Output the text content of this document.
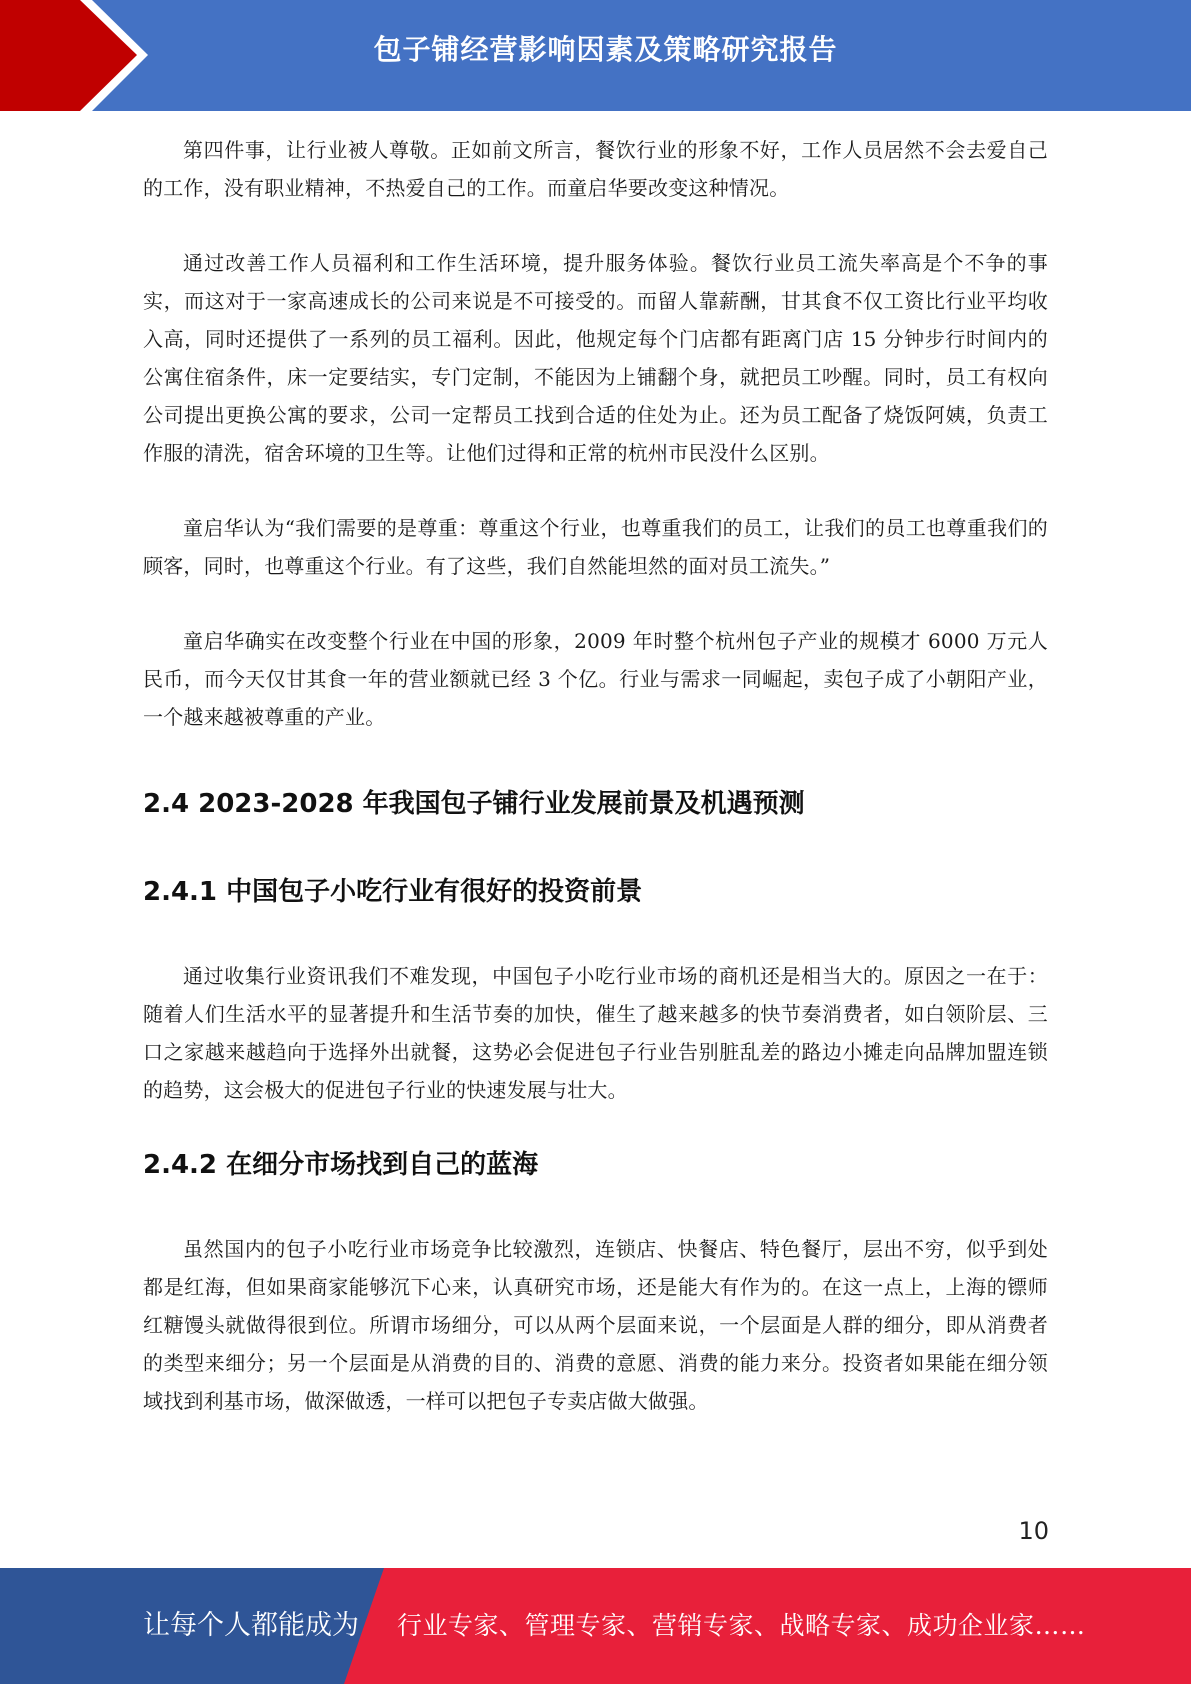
包子铺经营影响因素及策略研究报告

第四件事，让行业被人尊敬。正如前文所言，餐饮行业的形象不好，工作人员居然不会去爱自己的工作，没有职业精神，不热爱自己的工作。而童启华要改变这种情况。

通过改善工作人员福利和工作生活环境，提升服务体验。餐饮行业员工流失率高是个不争的事实，而这对于一家高速成长的公司来说是不可接受的。而留人靠薪酬，甘其食不仅工资比行业平均收入高，同时还提供了一系列的员工福利。因此，他规定每个门店都有距离门店 15 分钟步行时间内的公寓住宿条件，床一定要结实，专门定制，不能因为上铺翻个身，就把员工吵醒。同时，员工有权向公司提出更换公寓的要求，公司一定帮员工找到合适的住处为止。还为员工配备了烧饭阿姨，负责工作服的清洗，宿舍环境的卫生等。让他们过得和正常的杭州市民没什么区别。

童启华认为“我们需要的是尊重：尊重这个行业，也尊重我们的员工，让我们的员工也尊重我们的顾客，同时，也尊重这个行业。有了这些，我们自然能坦然的面对员工流失。”

童启华确实在改变整个行业在中国的形象，2009 年时整个杭州包子产业的规模才 6000 万元人民币，而今天仅甘其食一年的营业额就已经 3 个亿。行业与需求一同崛起，卖包子成了小朝阳产业，一个越来越被尊重的产业。

2.4 2023-2028 年我国包子铺行业发展前景及机遇预测
2.4.1 中国包子小吃行业有很好的投资前景

通过收集行业资讯我们不难发现，中国包子小吃行业市场的商机还是相当大的。原因之一在于：随着人们生活水平的显著提升和生活节奏的加快，催生了越来越多的快节奏消费者，如白领阶层、三口之家越来越趋向于选择外出就餐，这势必会促进包子行业告别脏乱差的路边小摊走向品牌加盟连锁的趋势，这会极大的促进包子行业的快速发展与壮大。

2.4.2 在细分市场找到自己的蓝海

虽然国内的包子小吃行业市场竞争比较激烈，连锁店、快餐店、特色餐厅，层出不穷，似乎到处都是红海，但如果商家能够沉下心来，认真研究市场，还是能大有作为的。在这一点上，上海的镖师红糖馒头就做得很到位。所谓市场细分，可以从两个层面来说，一个层面是人群的细分，即从消费者的类型来细分；另一个层面是从消费的目的、消费的意愿、消费的能力来分。投资者如果能在细分领域找到利基市场，做深做透，一样可以把包子专卖店做大做强。

10
让每个人都能成为 行业专家、管理专家、营销专家、战略专家、成功企业家……
